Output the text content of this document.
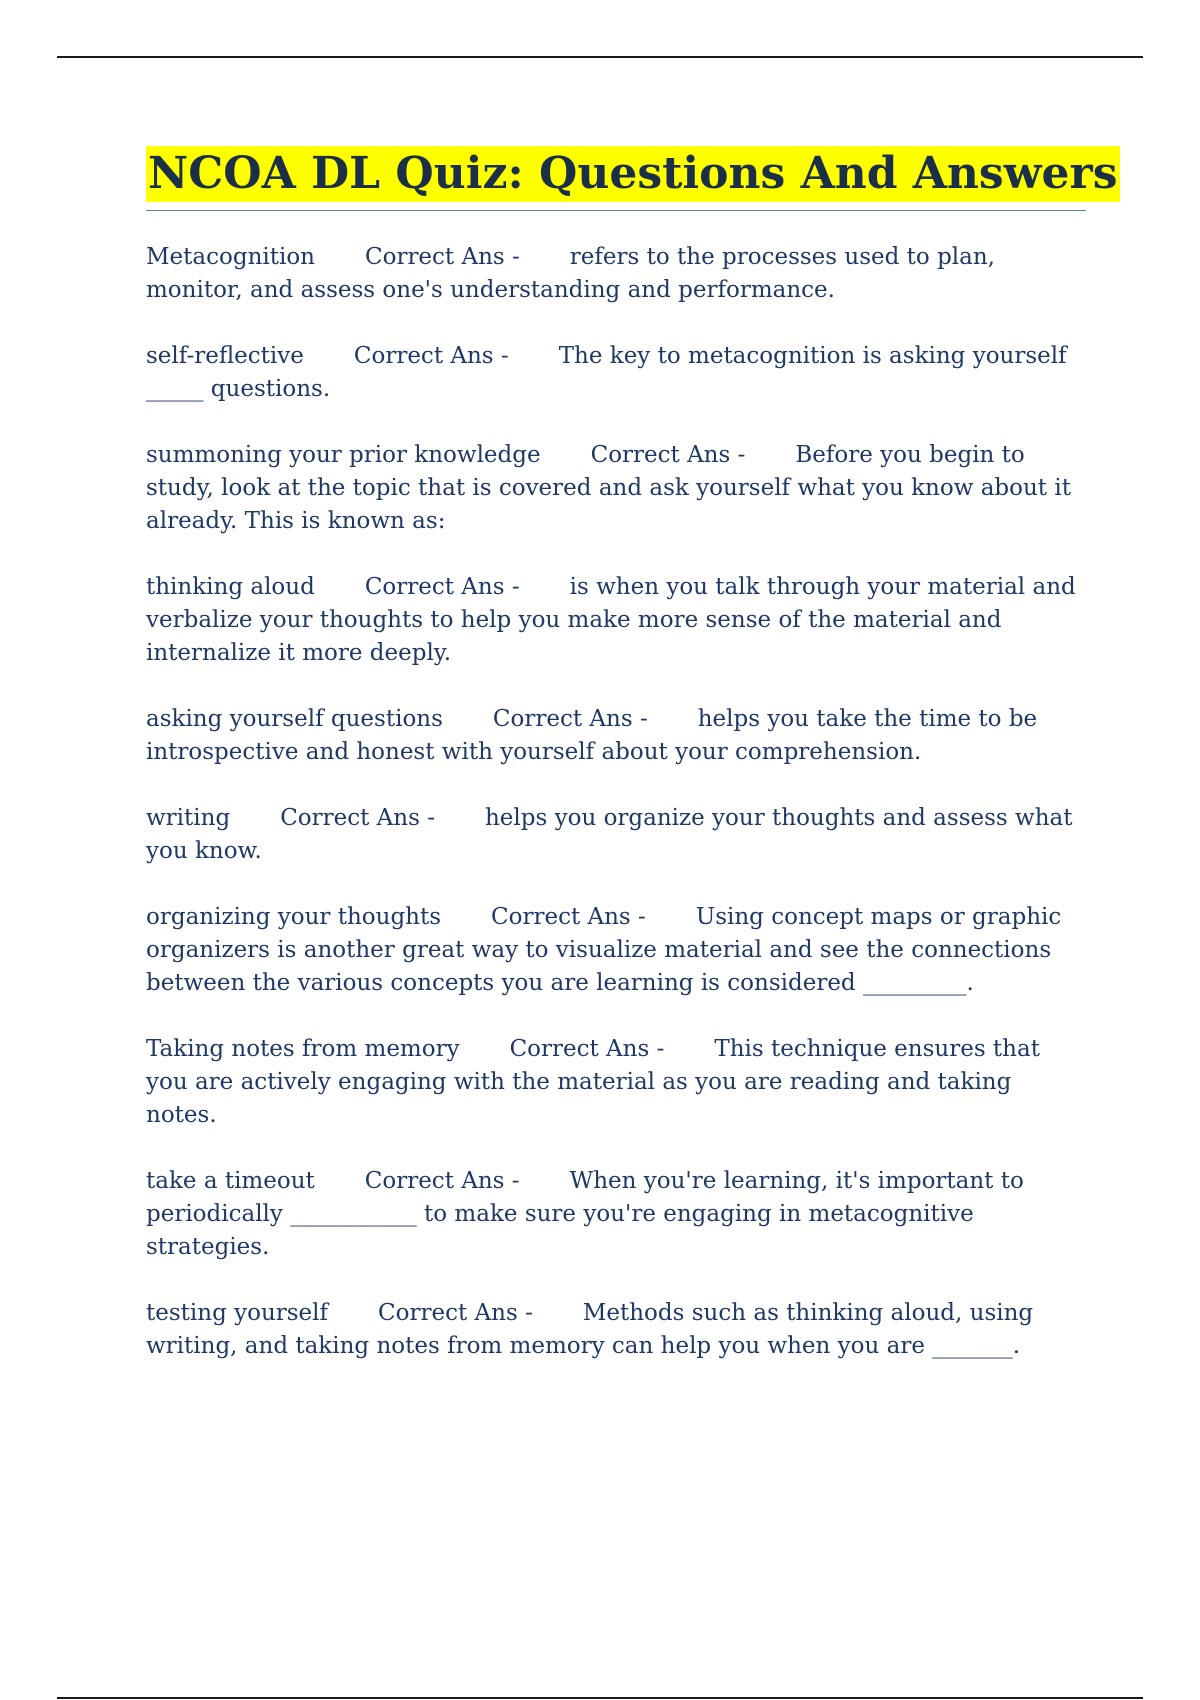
NCOA DL Quiz: Questions And Answers

Metacognition Correct Ans - refers to the processes used to plan, monitor, and assess one's understanding and performance.

self-reflective Correct Ans - The key to metacognition is asking yourself _____ questions.

summoning your prior knowledge Correct Ans - Before you begin to study, look at the topic that is covered and ask yourself what you know about it already. This is known as:

thinking aloud Correct Ans - is when you talk through your material and verbalize your thoughts to help you make more sense of the material and internalize it more deeply.

asking yourself questions Correct Ans - helps you take the time to be introspective and honest with yourself about your comprehension.

writing Correct Ans - helps you organize your thoughts and assess what you know.

organizing your thoughts Correct Ans - Using concept maps or graphic organizers is another great way to visualize material and see the connections between the various concepts you are learning is considered _________.

Taking notes from memory Correct Ans - This technique ensures that you are actively engaging with the material as you are reading and taking notes.

take a timeout Correct Ans - When you're learning, it's important to periodically ___________ to make sure you're engaging in metacognitive strategies.

testing yourself Correct Ans - Methods such as thinking aloud, using writing, and taking notes from memory can help you when you are _______.
